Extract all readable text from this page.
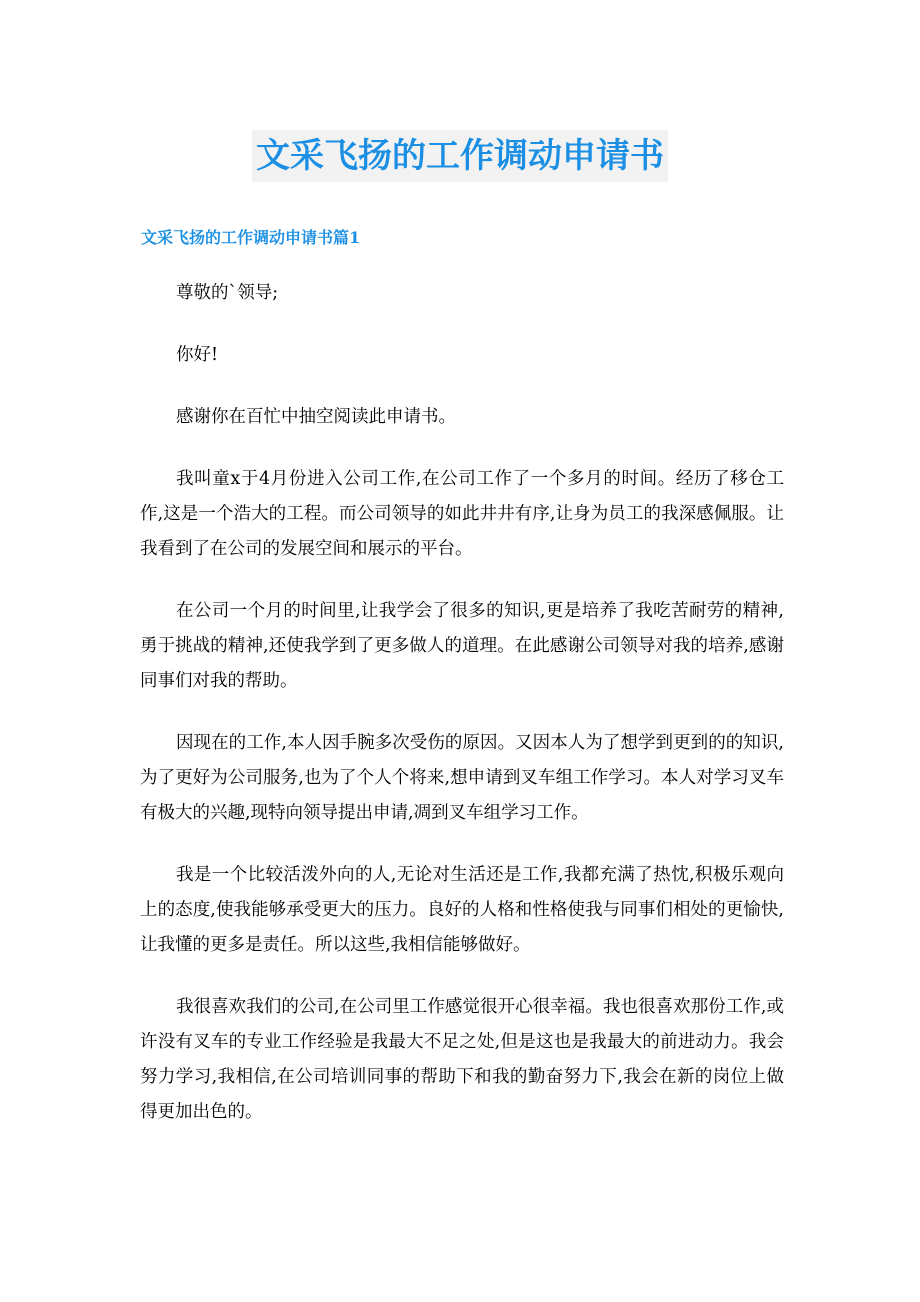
文采飞扬的工作调动申请书
文采飞扬的工作调动申请书篇1

尊敬的`领导;

你好!

感谢你在百忙中抽空阅读此申请书。

我叫童x于4月份进入公司工作,在公司工作了一个多月的时间。经历了移仓工作,这是一个浩大的工程。而公司领导的如此井井有序,让身为员工的我深感佩服。让我看到了在公司的发展空间和展示的平台。

在公司一个月的时间里,让我学会了很多的知识,更是培养了我吃苦耐劳的精神,勇于挑战的精神,还使我学到了更多做人的道理。在此感谢公司领导对我的培养,感谢同事们对我的帮助。

因现在的工作,本人因手腕多次受伤的原因。又因本人为了想学到更到的的知识,为了更好为公司服务,也为了个人个将来,想申请到叉车组工作学习。本人对学习叉车有极大的兴趣,现特向领导提出申请,凋到叉车组学习工作。

我是一个比较活泼外向的人,无论对生活还是工作,我都充满了热忱,积极乐观向上的态度,使我能够承受更大的压力。良好的人格和性格使我与同事们相处的更愉快,让我懂的更多是责任。所以这些,我相信能够做好。

我很喜欢我们的公司,在公司里工作感觉很开心很幸福。我也很喜欢那份工作,或许没有叉车的专业工作经验是我最大不足之处,但是这也是我最大的前进动力。我会努力学习,我相信,在公司培训同事的帮助下和我的勤奋努力下,我会在新的岗位上做得更加出色的。
